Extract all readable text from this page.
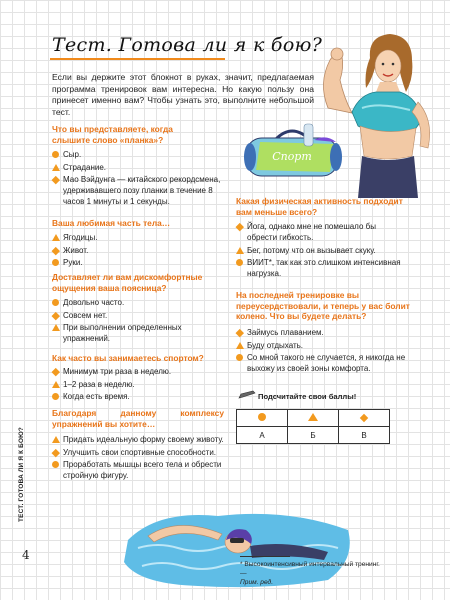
Тест. Готова ли я к бою?

Если вы держите этот блокнот в руках, значит, предлагаемая программа тренировок вам интересна. Но какую пользу она принесет именно вам? Чтобы узнать это, выполните небольшой тест.

Спорт

Что вы представляете, когда слышите слово «планка»?

Сыр.
Страдание.
Мао Вэйдунга — китайского рекордсмена, удерживавшего позу планки в течение 8 часов 1 минуты и 1 секунды.

Ваша любимая часть тела…

Ягодицы.
Живот.
Руки.

Доставляет ли вам дискомфортные ощущения ваша поясница?

Довольно часто.
Совсем нет.
При выполнении определенных упражнений.

Как часто вы занимаетесь спортом?

Минимум три раза в неделю.
1–2 раза в неделю.
Когда есть время.

Благодаря данному комплексу упражнений вы хотите…

Придать идеальную форму своему животу.
Улучшить свои спортивные способности.
Проработать мышцы всего тела и обрести стройную фигуру.

Какая физическая активность подходит вам меньше всего?

Йога, однако мне не помешало бы обрести гибкость.
Бег, потому что он вызывает скуку.
ВИИТ*, так как это слишком интенсивная нагрузка.

На последней тренировке вы переусердствовали, и теперь у вас болит колено. Что вы будете делать?

Займусь плаванием.
Буду отдыхать.
Со мной такого не случается, я никогда не выхожу из своей зоны комфорта.
Подсчитайте свои баллы!

А	Б	В

* Высокоинтенсивный интервальный тренинг. —
Прим. ред.

ТЕСТ. ГОТОВА ЛИ Я К БОЮ?
4
